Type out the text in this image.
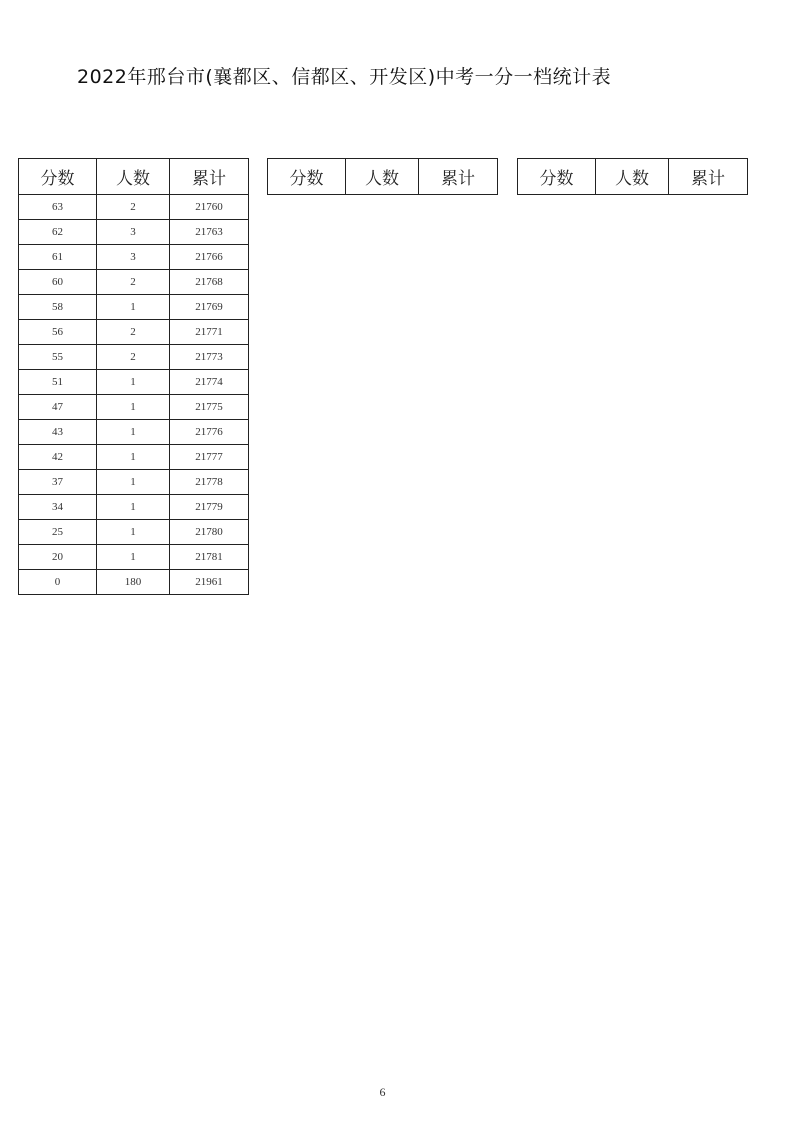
2022年邢台市(襄都区、信都区、开发区)中考一分一档统计表
分数	人数	累计
63	2	21760
62	3	21763
61	3	21766
60	2	21768
58	1	21769
56	2	21771
55	2	21773
51	1	21774
47	1	21775
43	1	21776
42	1	21777
37	1	21778
34	1	21779
25	1	21780
20	1	21781
0	180	21961
分数	人数	累计	分数	人数	累计
6
